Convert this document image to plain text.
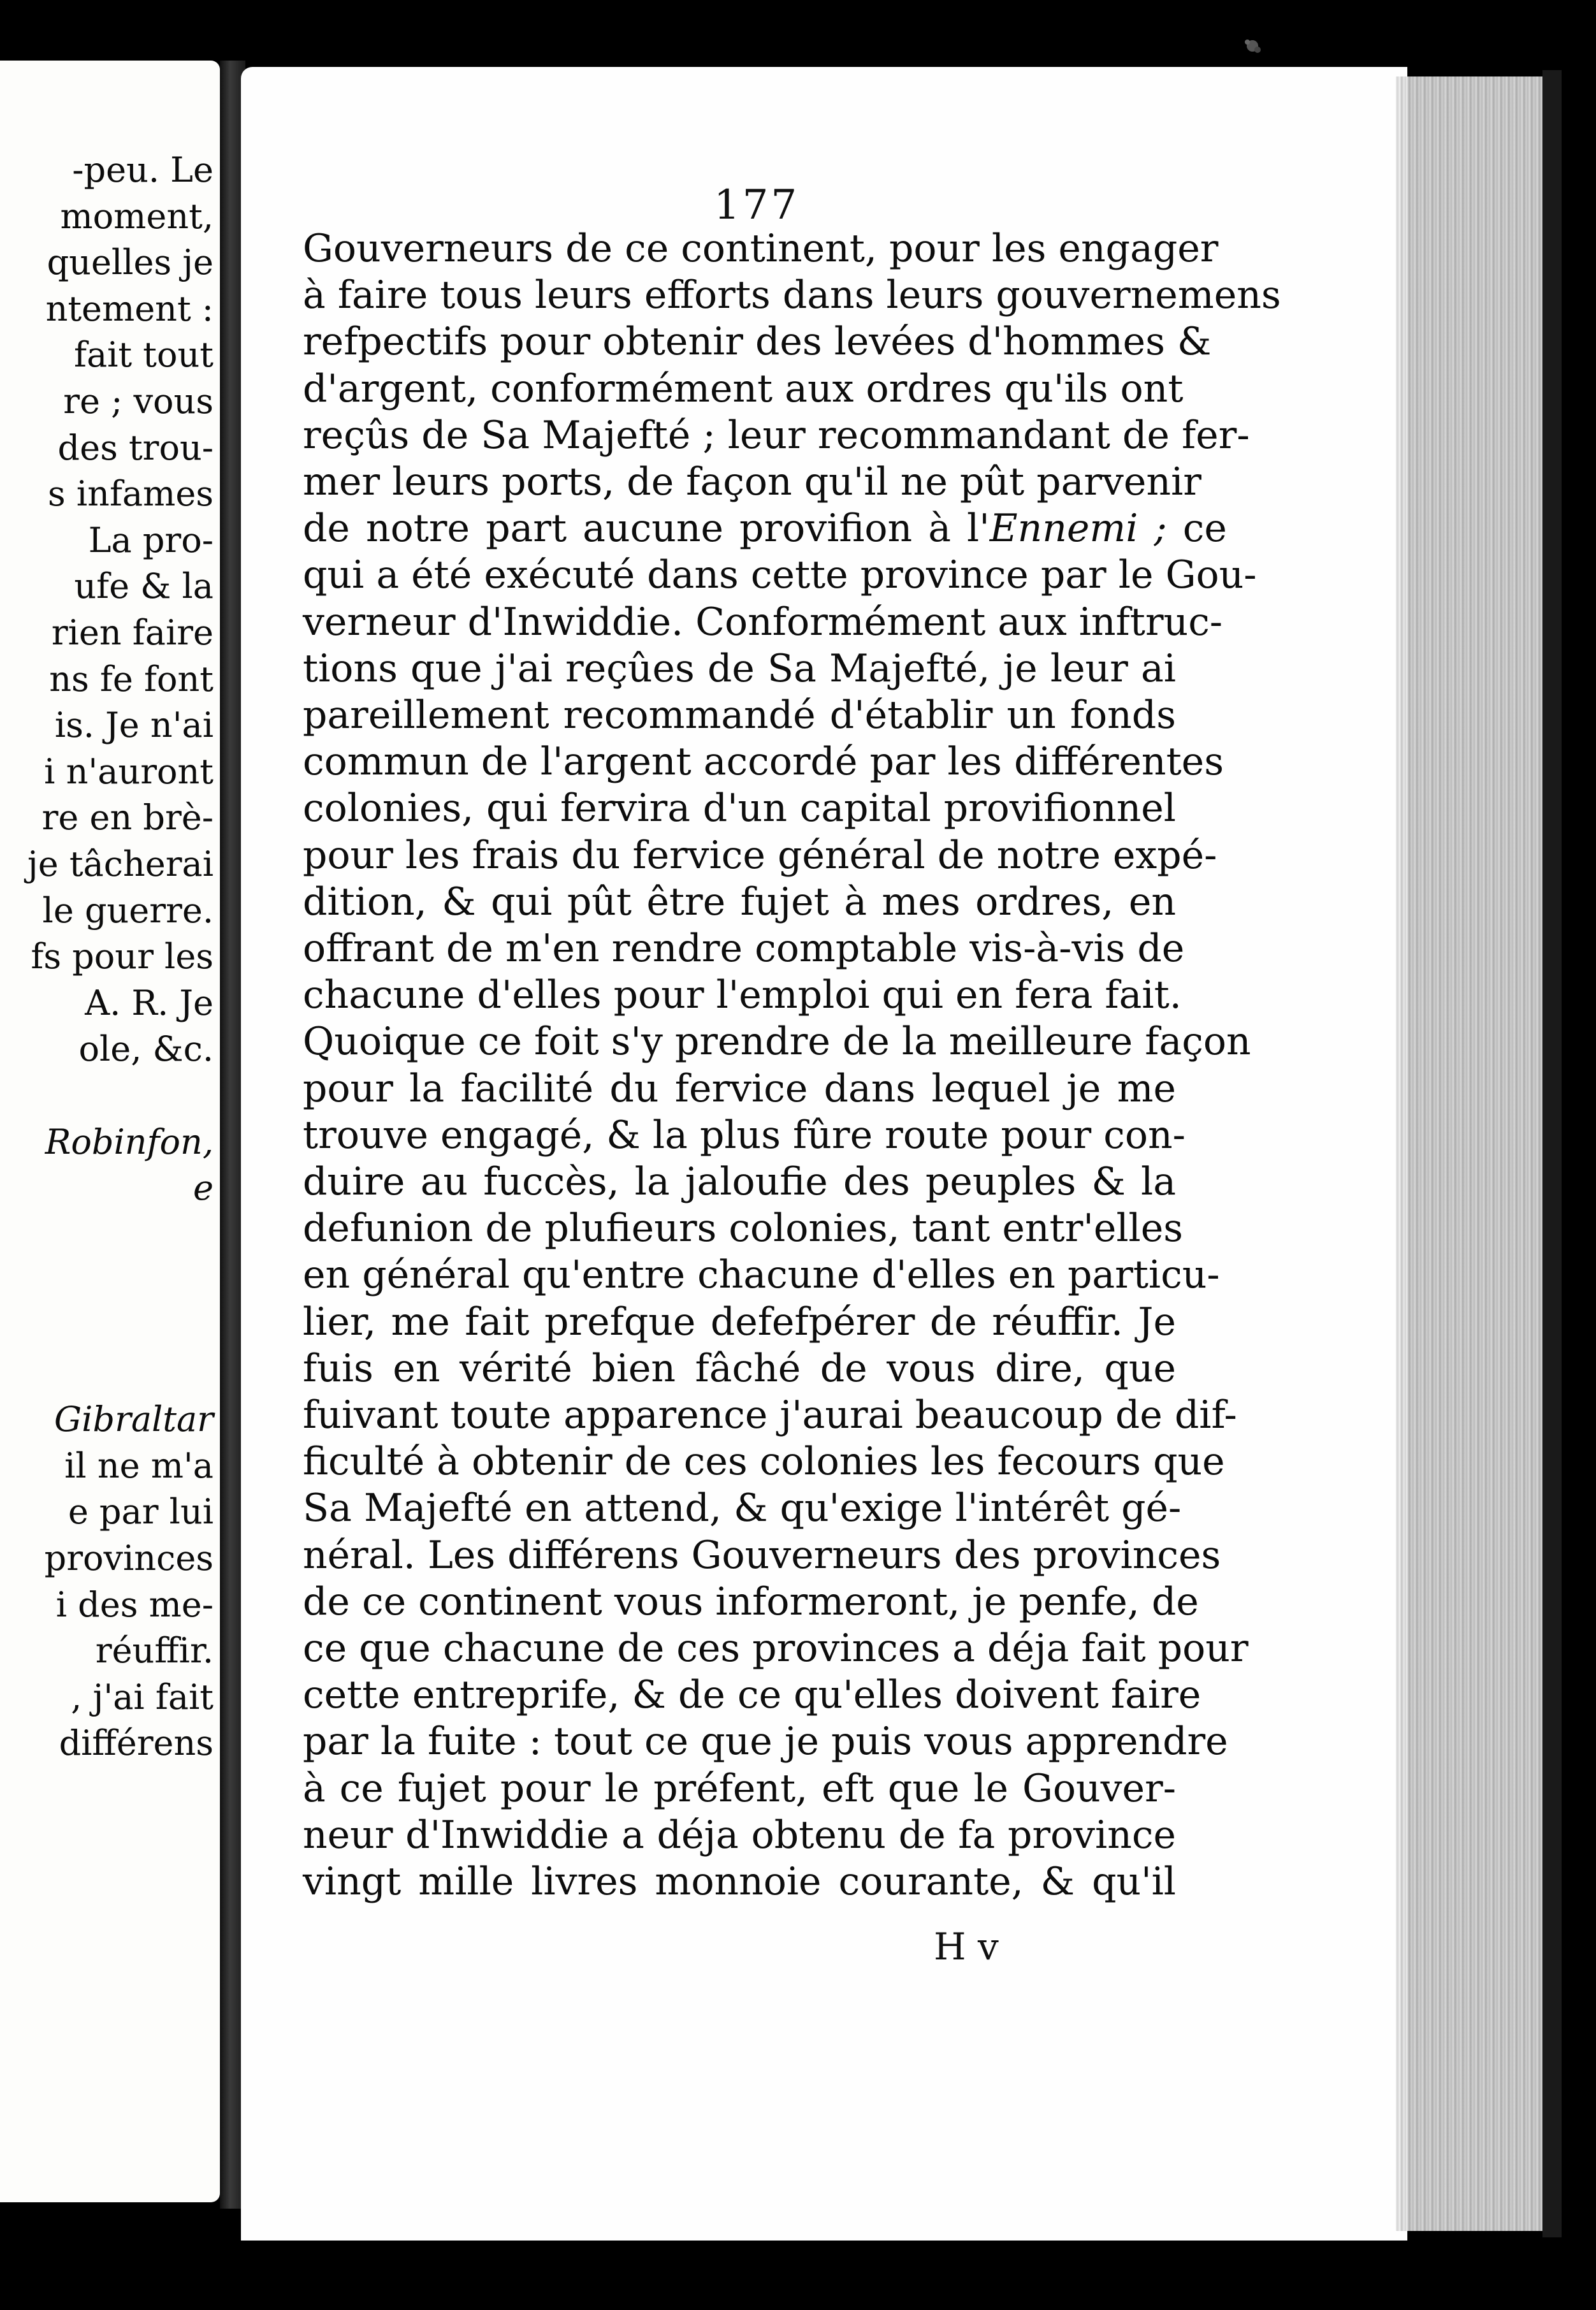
-peu. Le
moment,
quelles je
ntement :
fait tout
re ; vous
des trou-
s infames
La pro-
ufe & la
rien faire
ns fe font
is. Je n'ai
i n'auront
re en brè-
je tâcherai
le guerre.
fs pour les
A. R. Je
ole, &c.
Robinfon,
e
Gibraltar
il ne m'a
e par lui
provinces
i des me-
réuffir.
, j'ai fait
différens
177
Gouverneurs de ce continent, pour les engager
à faire tous leurs efforts dans leurs gouvernemens
refpectifs pour obtenir des levées d'hommes &
d'argent, conformément aux ordres qu'ils ont
reçûs de Sa Majefté ; leur recommandant de fer-
mer leurs ports, de façon qu'il ne pût parvenir
de notre part aucune provifion à l'Ennemi ; ce
qui a été exécuté dans cette province par le Gou-
verneur d'Inwiddie. Conformément aux inftruc-
tions que j'ai reçûes de Sa Majefté, je leur ai
pareillement recommandé d'établir un fonds
commun de l'argent accordé par les différentes
colonies, qui fervira d'un capital provifionnel
pour les frais du fervice général de notre expé-
dition, & qui pût être fujet à mes ordres, en
offrant de m'en rendre comptable vis-à-vis de
chacune d'elles pour l'emploi qui en fera fait.
Quoique ce foit s'y prendre de la meilleure façon
pour la facilité du fervice dans lequel je me
trouve engagé, & la plus fûre route pour con-
duire au fuccès, la jaloufie des peuples & la
defunion de plufieurs colonies, tant entr'elles
en général qu'entre chacune d'elles en particu-
lier, me fait prefque defefpérer de réuffir. Je
fuis en vérité bien fâché de vous dire, que
fuivant toute apparence j'aurai beaucoup de dif-
ficulté à obtenir de ces colonies les fecours que
Sa Majefté en attend, & qu'exige l'intérêt gé-
néral. Les différens Gouverneurs des provinces
de ce continent vous informeront, je penfe, de
ce que chacune de ces provinces a déja fait pour
cette entreprife, & de ce qu'elles doivent faire
par la fuite : tout ce que je puis vous apprendre
à ce fujet pour le préfent, eft que le Gouver-
neur d'Inwiddie a déja obtenu de fa province
vingt mille livres monnoie courante, & qu'il
H v
